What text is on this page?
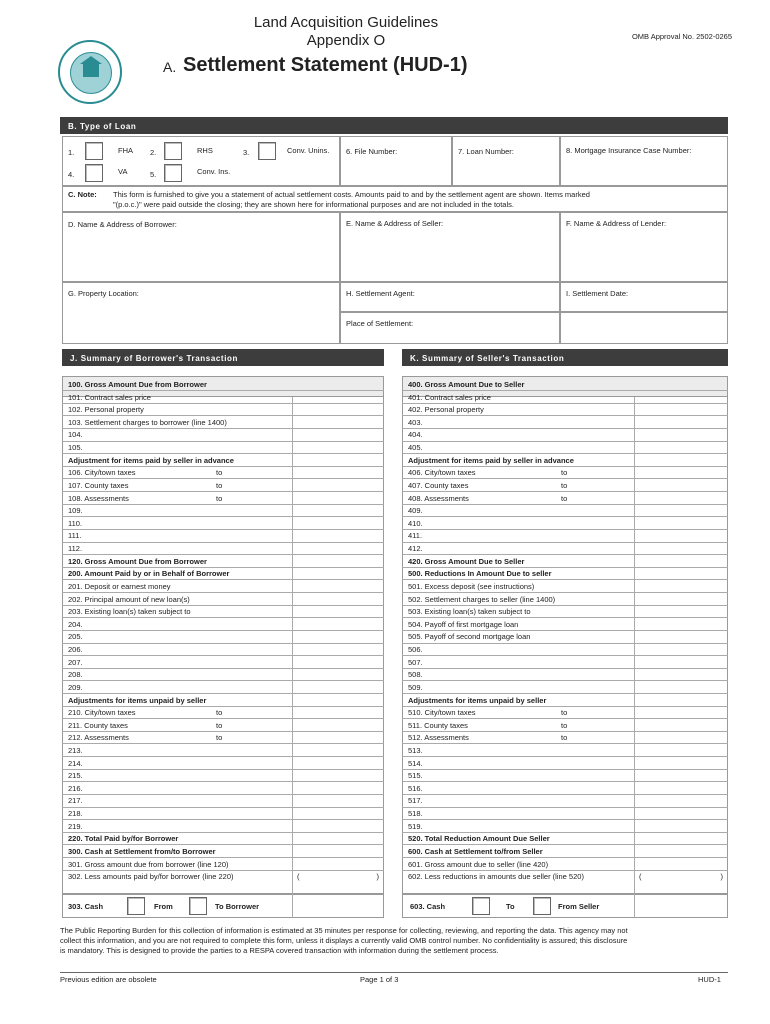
Land Acquisition Guidelines
Appendix O	OMB Approval No. 2502-0265
A. Settlement Statement (HUD-1)
B. Type of Loan
1.	FHA 2.	RHS	3.	Conv. Unins.
4.	VA	5.	Conv. Ins.
6. File Number:	7. Loan Number:	8. Mortgage Insurance Case Number:
C. Note: This form is furnished to give you a statement of actual settlement costs. Amounts paid to and by the settlement agent are shown. Items marked
"(p.o.c.)" were paid outside the closing; they are shown here for informational purposes and are not included in the totals.
D. Name & Address of Borrower:	E. Name & Address of Seller:	F. Name & Address of Lender:
G. Property Location:	H. Settlement Agent:	I. Settlement Date:
Place of Settlement:
J. Summary of Borrower's Transaction	K. Summary of Seller's Transaction
100. Gross Amount Due from Borrower
101. Contract sales price
102. Personal property
103. Settlement charges to borrower (line 1400)
104.
105.
Adjustment for items paid by seller in advance
106. City/town taxes	to
107. County taxes	to
108. Assessments	to
109.
110.
111.
112.
120. Gross Amount Due from Borrower
200. Amount Paid by or in Behalf of Borrower
201. Deposit or earnest money
202. Principal amount of new loan(s)
203. Existing loan(s) taken subject to
204.
205.
206.
207.
208.
209.
Adjustments for items unpaid by seller
210. City/town taxes	to
211. County taxes	to
212. Assessments	to
213.
214.
215.
216.
217.
218.
219.
220. Total Paid by/for Borrower
300. Cash at Settlement from/to Borrower
301. Gross amount due from borrower (line 120)
302. Less amounts paid by/for borrower (line 220)	(	)
400. Gross Amount Due to Seller
401. Contract sales price
402. Personal property
403.
404.
405.
Adjustment for items paid by seller in advance
406. City/town taxes	to
407. County taxes	to
408. Assessments	to
409.
410.
411.
412.
420. Gross Amount Due to Seller
500. Reductions In Amount Due to seller
501. Excess deposit (see instructions)
502. Settlement charges to seller (line 1400)
503. Existing loan(s) taken subject to
504. Payoff of first mortgage loan
505. Payoff of second mortgage loan
506.
507.
508.
509.
Adjustments for items unpaid by seller
510. City/town taxes	to
511. County taxes	to
512. Assessments	to
513.
514.
515.
516.
517.
518.
519.
520. Total Reduction Amount Due Seller
600. Cash at Settlement to/from Seller
601. Gross amount due to seller (line 420)
602. Less reductions in amounts due seller (line 520)	(	)
303. Cash	From	To Borrower	603. Cash	To	From Seller
The Public Reporting Burden for this collection of information is estimated at 35 minutes per response for collecting, reviewing, and reporting the data. This agency may not
collect this information, and you are not required to complete this form, unless it displays a currently valid OMB control number. No confidentiality is assured; this disclosure
is mandatory. This is designed to provide the parties to a RESPA covered transaction with information during the settlement process.
Previous edition are obsolete	Page 1 of 3	HUD-1
